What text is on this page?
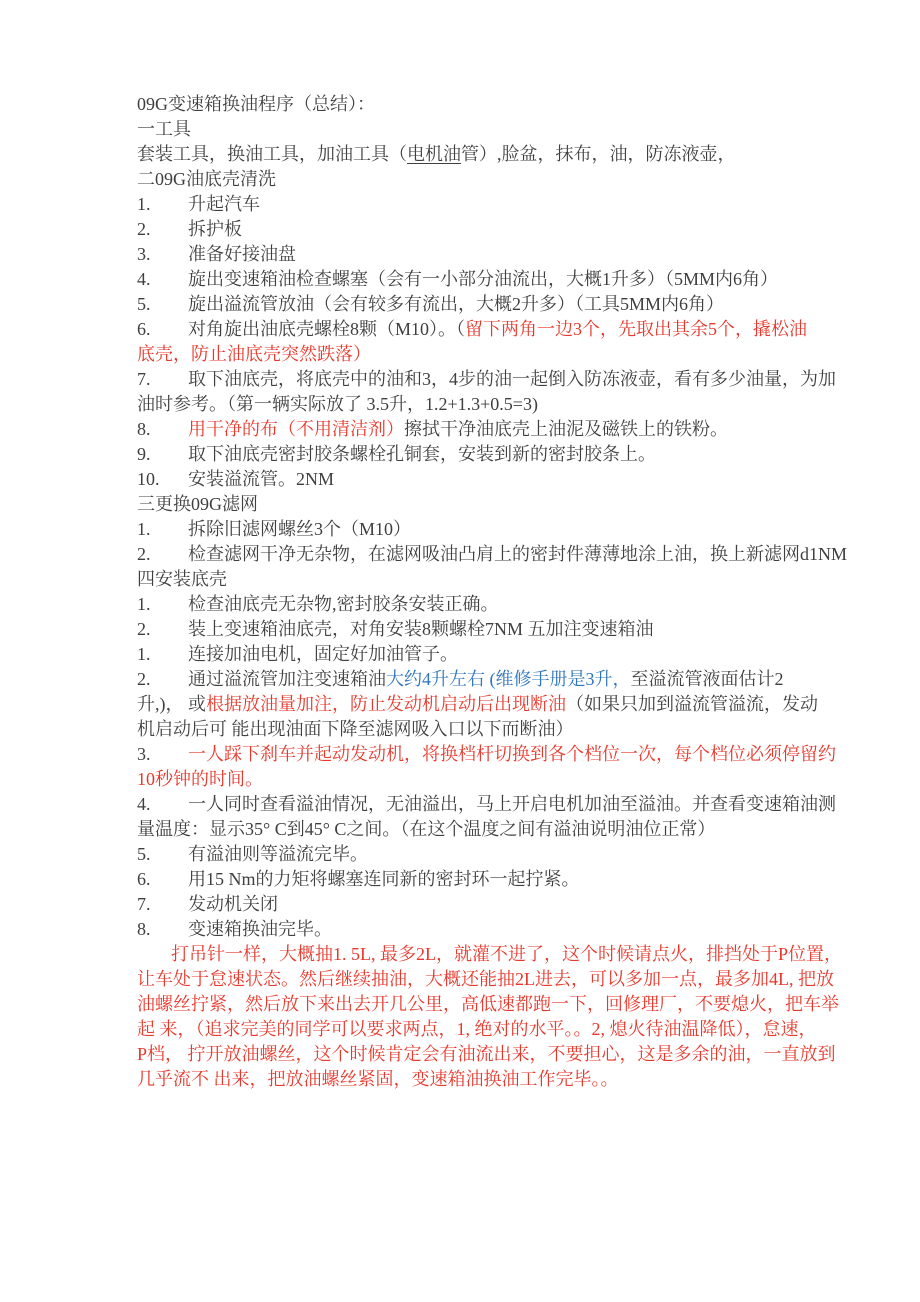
09G变速箱换油程序（总结）：
一工具
套装工具，换油工具，加油工具（电机油管）,脸盆，抹布，油，防冻液壶，
二09G油底壳清洗
1. 升起汽车
2. 拆护板
3. 准备好接油盘
4. 旋出变速箱油检查螺塞（会有一小部分油流出，大概1升多）（5MM内6角）
5. 旋出溢流管放油（会有较多有流出，大概2升多）（工具5MM内6角）
6. 对角旋出油底壳螺栓8颗（M10）。（留下两角一边3个，先取出其余5个，撬松油
底壳，防止油底壳突然跌落）
7. 取下油底壳，将底壳中的油和3，4步的油一起倒入防冻液壶，看有多少油量，为加
油时参考。（第一辆实际放了 3.5升，1.2+1.3+0.5=3)
8. 用干净的布（不用清洁剂）擦拭干净油底壳上油泥及磁铁上的铁粉。
9. 取下油底壳密封胶条螺栓孔铜套，安装到新的密封胶条上。
10. 安装溢流管。2NM
三更换09G滤网
1. 拆除旧滤网螺丝3个（M10）
2. 检查滤网干净无杂物，在滤网吸油凸肩上的密封件薄薄地涂上油，换上新滤网d1NM
四安装底壳
1. 检查油底壳无杂物,密封胶条安装正确。
2. 装上变速箱油底壳，对角安装8颗螺栓7NM 五加注变速箱油
1. 连接加油电机，固定好加油管子。
2. 通过溢流管加注变速箱油大约4升左右 (维修手册是3升，至溢流管液面估计2
升,)， 或根据放油量加注，防止发动机启动后出现断油（如果只加到溢流管溢流，发动
机启动后可 能出现油面下降至滤网吸入口以下而断油）
3. 一人踩下刹车并起动发动机，将换档杆切换到各个档位一次，每个档位必须停留约
10秒钟的时间。
4. 一人同时查看溢油情况，无油溢出，马上开启电机加油至溢油。并查看变速箱油测
量温度：显示35° C到45° C之间。（在这个温度之间有溢油说明油位正常）
5. 有溢油则等溢流完毕。
6. 用15 Nm的力矩将螺塞连同新的密封环一起拧紧。
7. 发动机关闭
8. 变速箱换油完毕。
打吊针一样，大概抽1. 5L, 最多2L，就灌不进了，这个时候请点火，排挡处于P位置，
让车处于怠速状态。然后继续抽油，大概还能抽2L进去，可以多加一点，最多加4L, 把放
油螺丝拧紧，然后放下来出去开几公里，高低速都跑一下，回修理厂，不要熄火，把车举
起 来，（追求完美的同学可以要求两点，1, 绝对的水平。。2, 熄火待油温降低），怠速，
P档， 拧开放油螺丝，这个时候肯定会有油流出来，不要担心，这是多余的油，一直放到
几乎流不 出来，把放油螺丝紧固，变速箱油换油工作完毕。。
